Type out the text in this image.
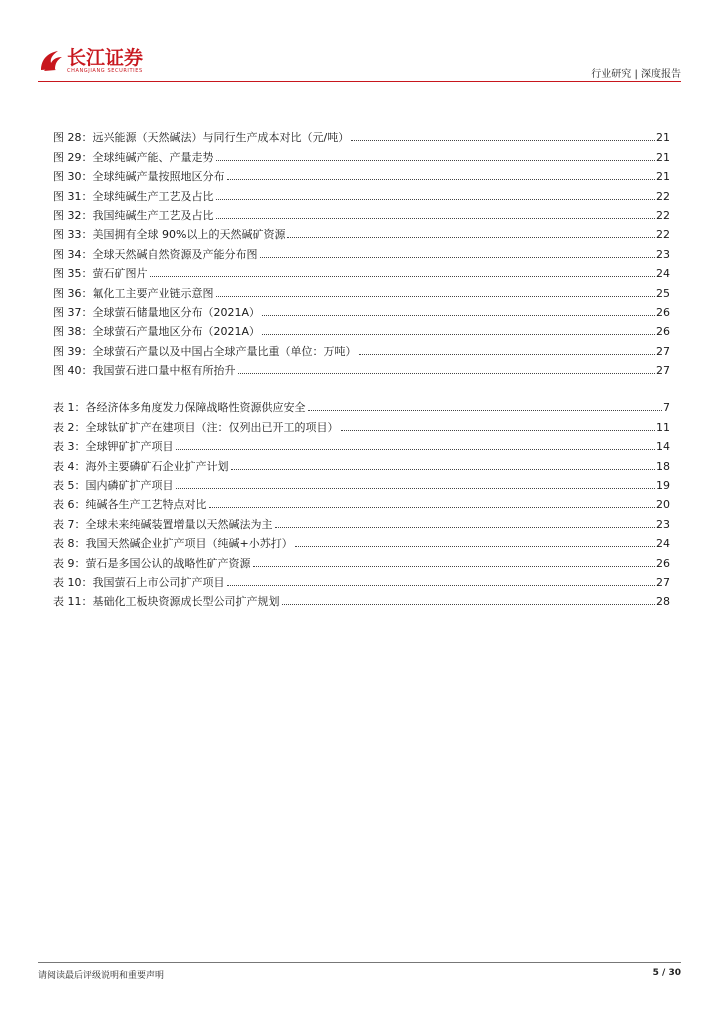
长江证券
CHANGJIANG SECURITIES	行业研究 | 深度报告
图 28：远兴能源（天然碱法）与同行生产成本对比（元/吨）	21
图 29：全球纯碱产能、产量走势	21
图 30：全球纯碱产量按照地区分布	21
图 31：全球纯碱生产工艺及占比	22
图 32：我国纯碱生产工艺及占比	22
图 33：美国拥有全球 90%以上的天然碱矿资源	22
图 34：全球天然碱自然资源及产能分布图	23
图 35：萤石矿图片	24
图 36：氟化工主要产业链示意图	25
图 37：全球萤石储量地区分布（2021A）	26
图 38：全球萤石产量地区分布（2021A）	26
图 39：全球萤石产量以及中国占全球产量比重（单位：万吨）	27
图 40：我国萤石进口量中枢有所抬升	27
表 1：各经济体多角度发力保障战略性资源供应安全	7
表 2：全球钛矿扩产在建项目（注：仅列出已开工的项目）	11
表 3：全球钾矿扩产项目	14
表 4：海外主要磷矿石企业扩产计划	18
表 5：国内磷矿扩产项目	19
表 6：纯碱各生产工艺特点对比	20
表 7：全球未来纯碱装置增量以天然碱法为主	23
表 8：我国天然碱企业扩产项目（纯碱+小苏打）	24
表 9：萤石是多国公认的战略性矿产资源	26
表 10：我国萤石上市公司扩产项目	27
表 11：基础化工板块资源成长型公司扩产规划	28
请阅读最后评级说明和重要声明	5 / 30
